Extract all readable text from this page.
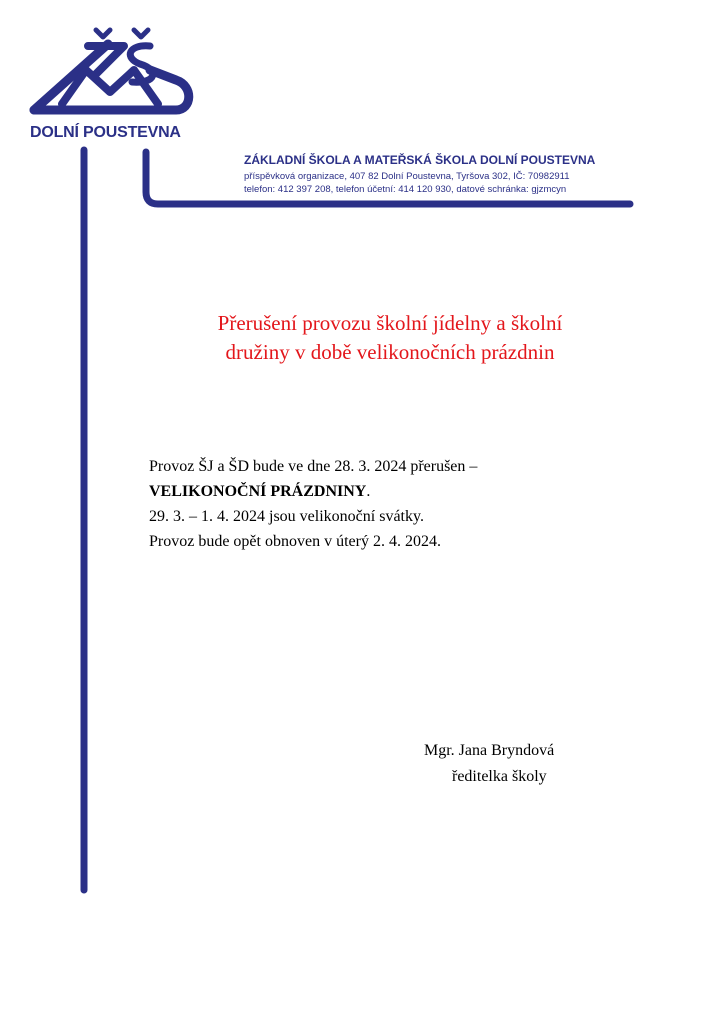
DOLNÍ POUSTEVNA
ZÁKLADNÍ ŠKOLA A MATEŘSKÁ ŠKOLA DOLNÍ POUSTEVNA
příspěvková organizace, 407 82 Dolní Poustevna, Tyršova 302, IČ: 70982911
telefon: 412 397 208, telefon účetní: 414 120 930, datové schránka: gjzmcyn
Přerušení provozu školní jídelny a školní
družiny v době velikonočních prázdnin
Provoz ŠJ a ŠD bude ve dne 28. 3. 2024 přerušen –
VELIKONOČNÍ PRÁZDNINY.
29. 3. – 1. 4. 2024 jsou velikonoční svátky.
Provoz bude opět obnoven v úterý 2. 4. 2024.
Mgr. Jana Bryndová
ředitelka školy
